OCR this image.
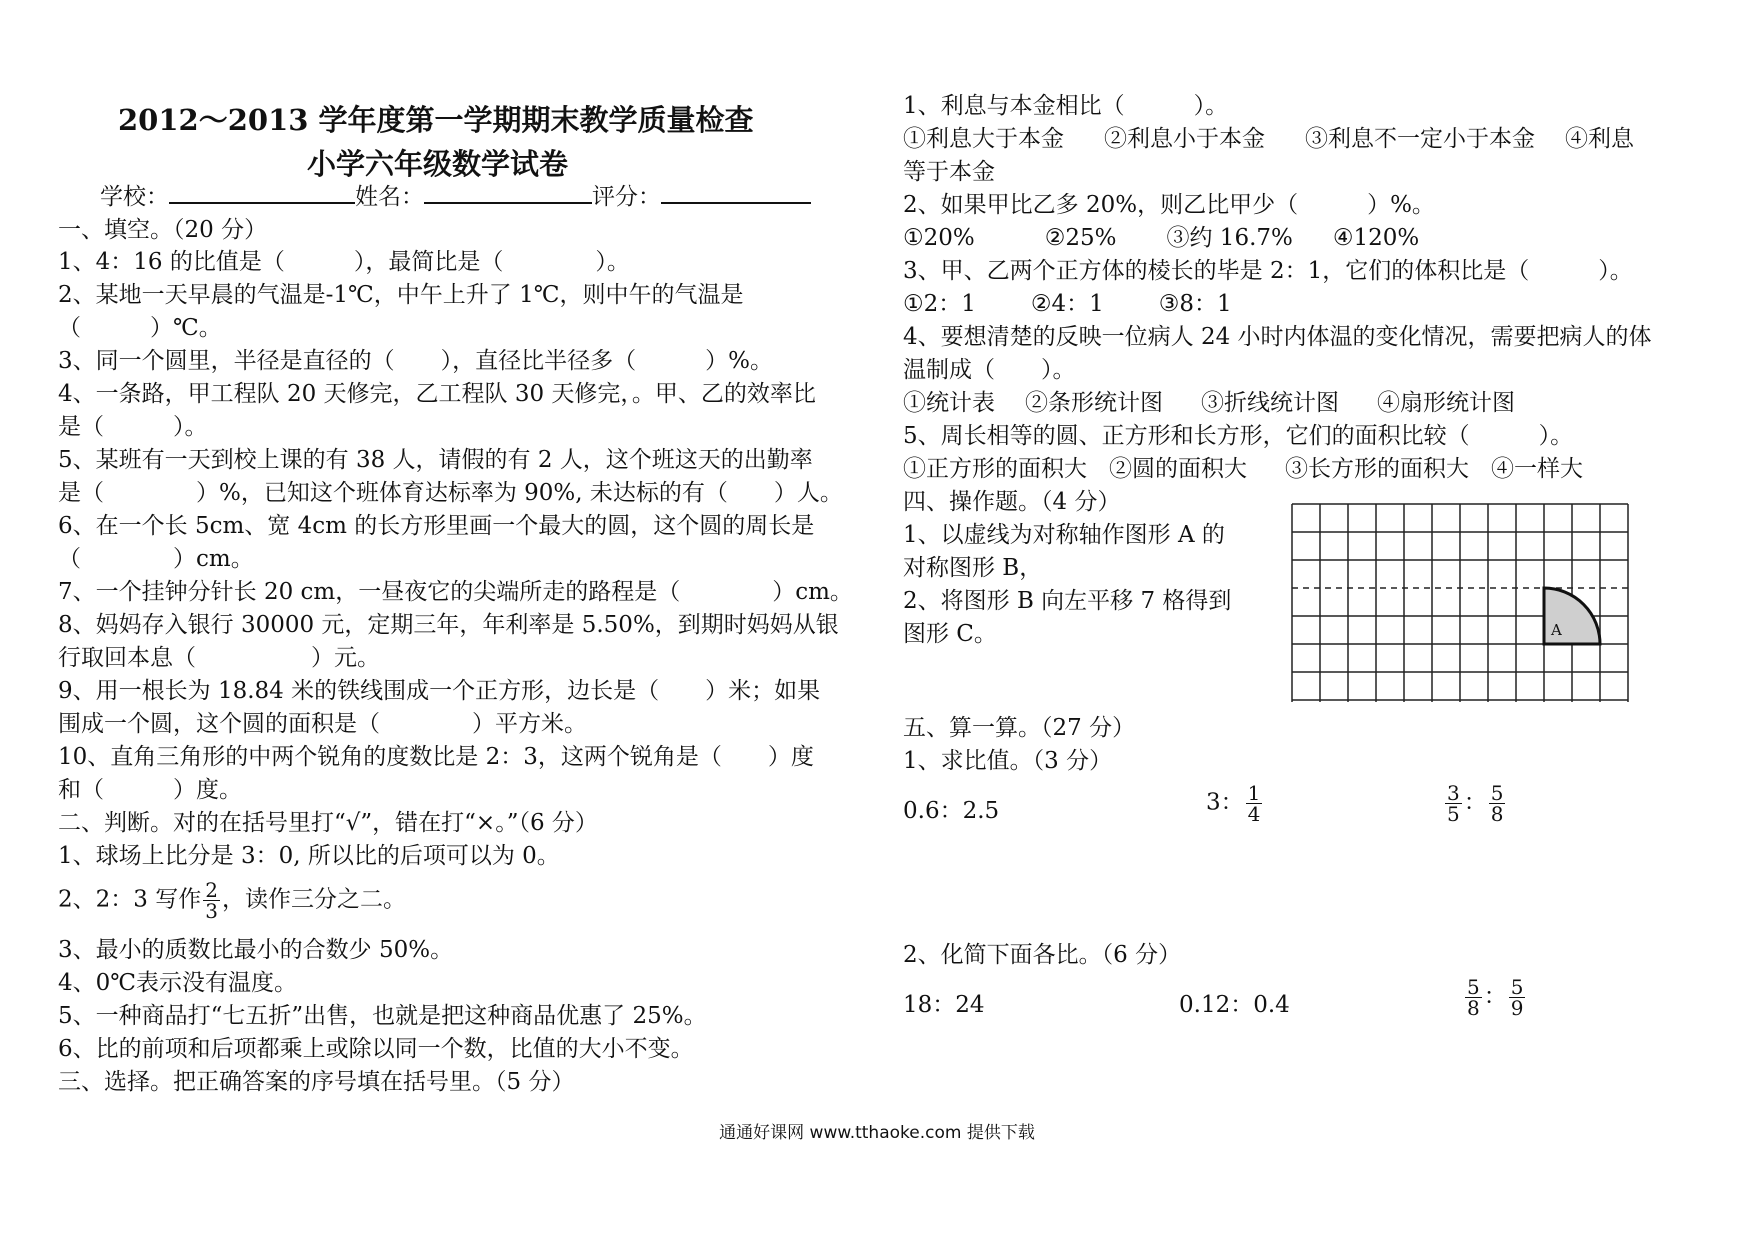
2012～2013 学年度第一学期期末教学质量检查
小学六年级数学试卷
学校：	姓名：	评分：
一、填空。（20 分）
1、4：16 的比值是（　　　），最简比是（　　　　）。
2、某地一天早晨的气温是-1℃，中午上升了 1℃，则中午的气温是
（　　　）℃。
3、同一个圆里，半径是直径的（　　），直径比半径多（　　　）%。
4、一条路，甲工程队 20 天修完，乙工程队 30 天修完，。甲、乙的效率比
是（　　　）。
5、某班有一天到校上课的有 38 人，请假的有 2 人，这个班这天的出勤率
是（　　　　）%，已知这个班体育达标率为 90%, 未达标的有（　　）人。
6、在一个长 5cm、宽 4cm 的长方形里画一个最大的圆，这个圆的周长是
（　　　　）cm。
7、一个挂钟分针长 20 cm，一昼夜它的尖端所走的路程是（　　　　）cm。
8、妈妈存入银行 30000 元，定期三年，年利率是 5.50%，到期时妈妈从银
行取回本息（　　　　　）元。
9、用一根长为 18.84 米的铁线围成一个正方形，边长是（　　）米；如果
围成一个圆，这个圆的面积是（　　　　）平方米。
10、直角三角形的中两个锐角的度数比是 2：3，这两个锐角是（　　）度
和（　　　）度。
二、判断。对的在括号里打“√”，错在打“×。”（6 分）
1、球场上比分是 3：0, 所以比的后项可以为 0。
2、2：3 写作 $\frac{2}{3}$ ，读作三分之二。
3、最小的质数比最小的合数少 50%。
4、0℃表示没有温度。
5、一种商品打“七五折”出售，也就是把这种商品优惠了 25%。
6、比的前项和后项都乘上或除以同一个数，比值的大小不变。
三、选择。把正确答案的序号填在括号里。（5 分）
1、利息与本金相比（　　　）。
①利息大于本金 ②利息小于本金 ③利息不一定小于本金 ④利息
等于本金
2、如果甲比乙多 20%，则乙比甲少（　　　）%。
①20%	②25% ③约 16.7% ④120%
3、甲、乙两个正方体的棱长的毕是 2：1，它们的体积比是（　　　）。
①2：1 ②4：1 ③8：1
4、要想清楚的反映一位病人 24 小时内体温的变化情况，需要把病人的体
温制成（　　）。
①统计表 ②条形统计图 ③折线统计图 ④扇形统计图
5、周长相等的圆、正方形和长方形，它们的面积比较（　　　）。
①正方形的面积大 ②圆的面积大 ③长方形的面积大 ④一样大
四、操作题。（4 分）
1、以虚线为对称轴作图形 A 的
对称图形 B，
2、将图形 B 向左平移 7 格得到
图形 C。
五、算一算。（27 分）
1、求比值。（3 分）
0.6：2.5	3： $\frac{1}{4}$	$\frac{3}{5}$ ： $\frac{5}{8}$
2、化简下面各比。（6 分）
18：24	0.12：0.4	$\frac{5}{8}$ ： $\frac{5}{9}$
A
通通好课网 www.tthaoke.com 提供下载
